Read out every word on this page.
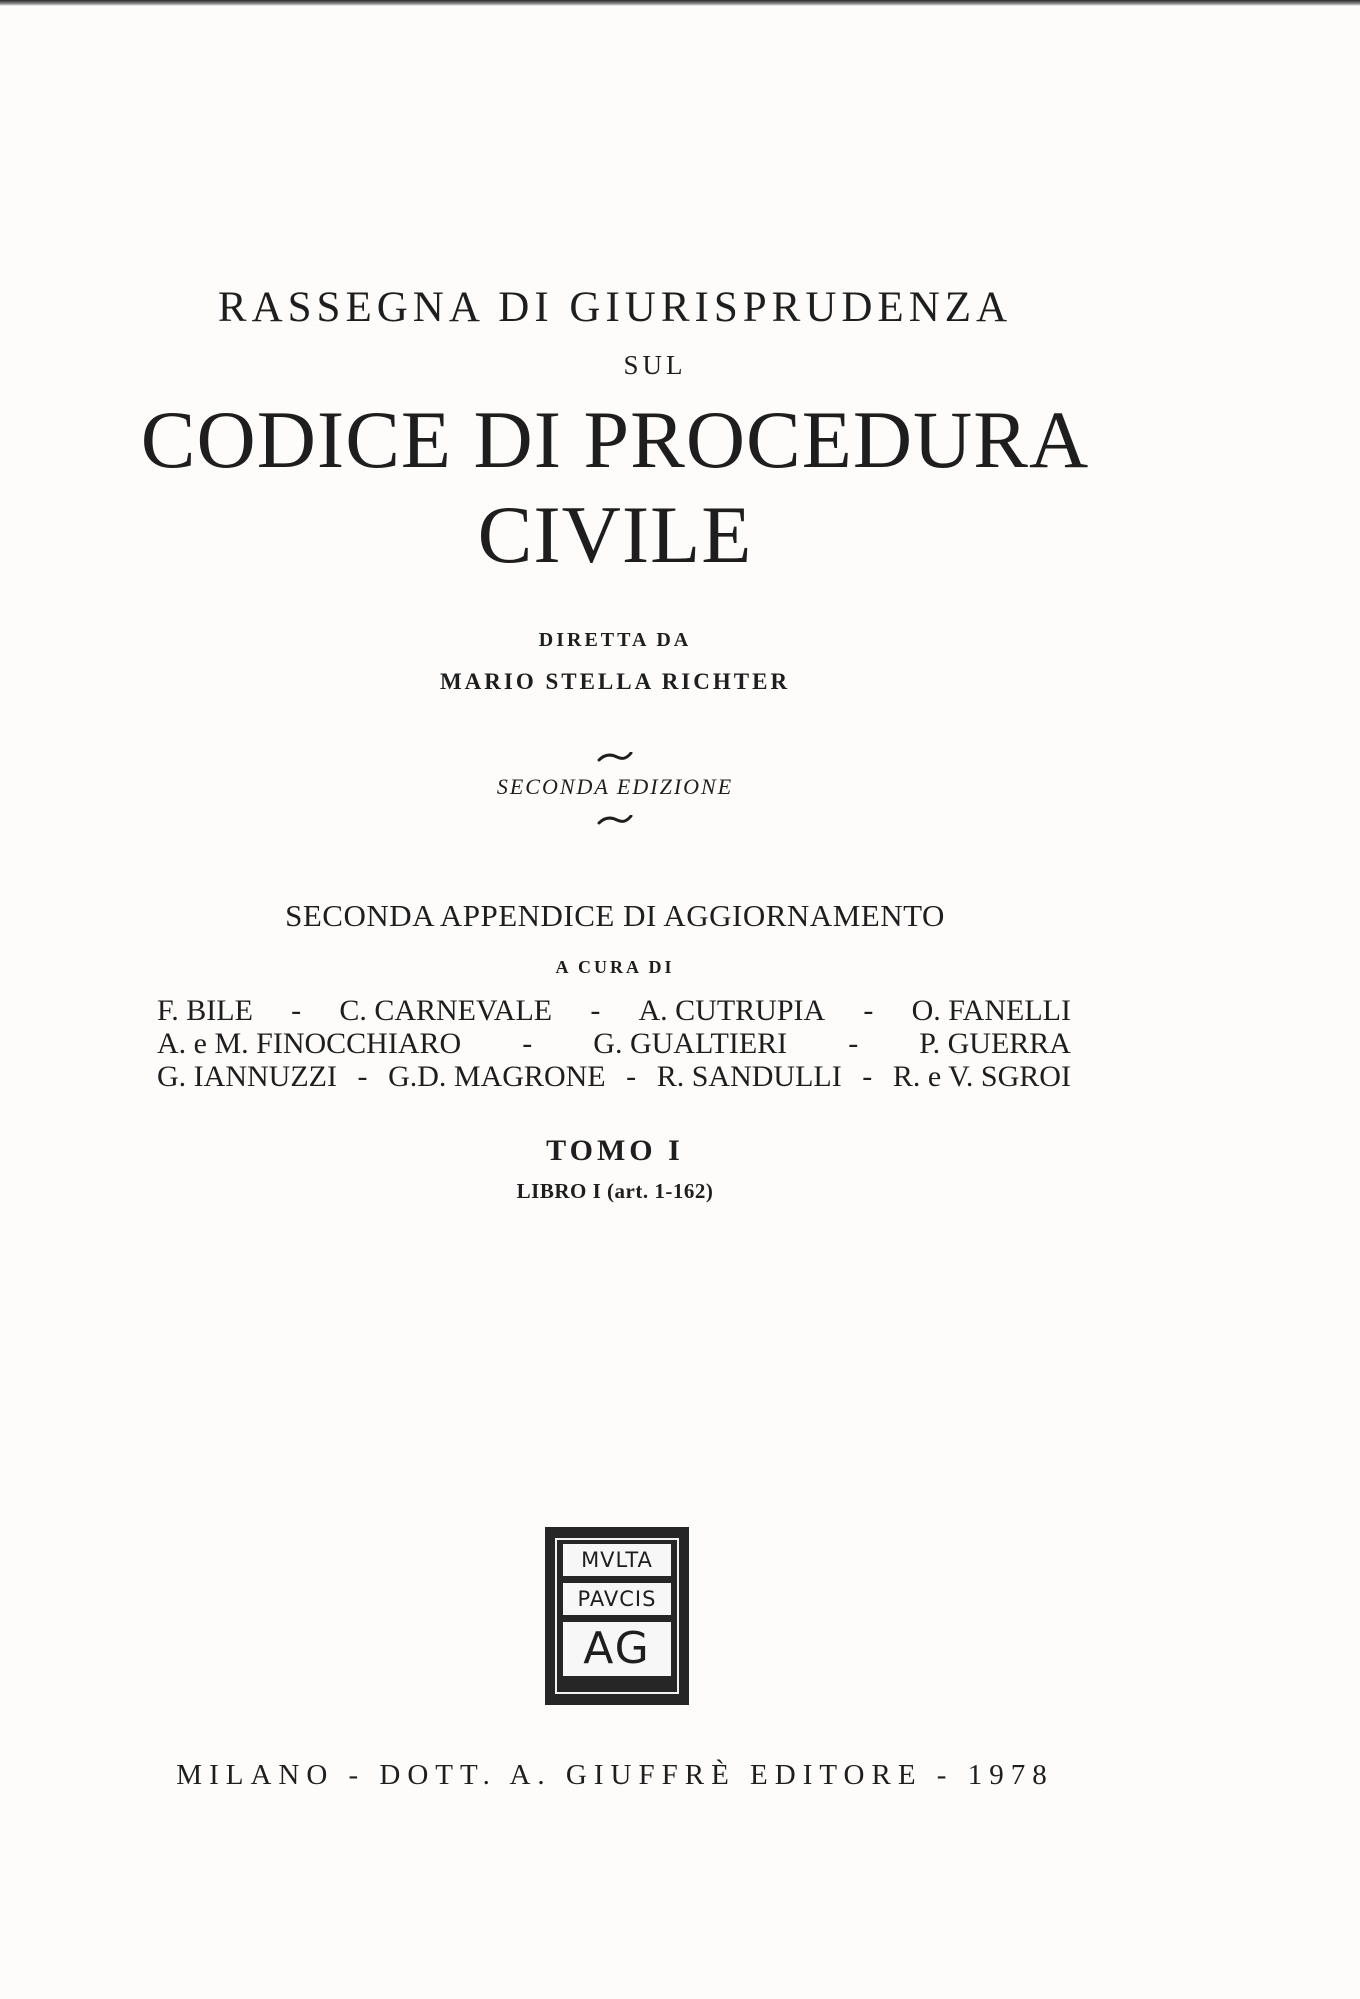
RASSEGNA DI GIURISPRUDENZA
SUL
CODICE DI PROCEDURA
CIVILE
DIRETTA DA
MARIO STELLA RICHTER
SECONDA EDIZIONE
SECONDA APPENDICE DI AGGIORNAMENTO
A CURA DI
F. BILE - C. CARNEVALE - A. CUTRUPIA - O. FANELLI
A. e M. FINOCCHIARO - G. GUALTIERI - P. GUERRA
G. IANNUZZI - G.D. MAGRONE - R. SANDULLI - R. e V. SGROI
TOMO I
LIBRO I (art. 1-162)
MVLTA
PAVCIS
AG
MILANO - DOTT. A. GIUFFRÈ EDITORE - 1978
